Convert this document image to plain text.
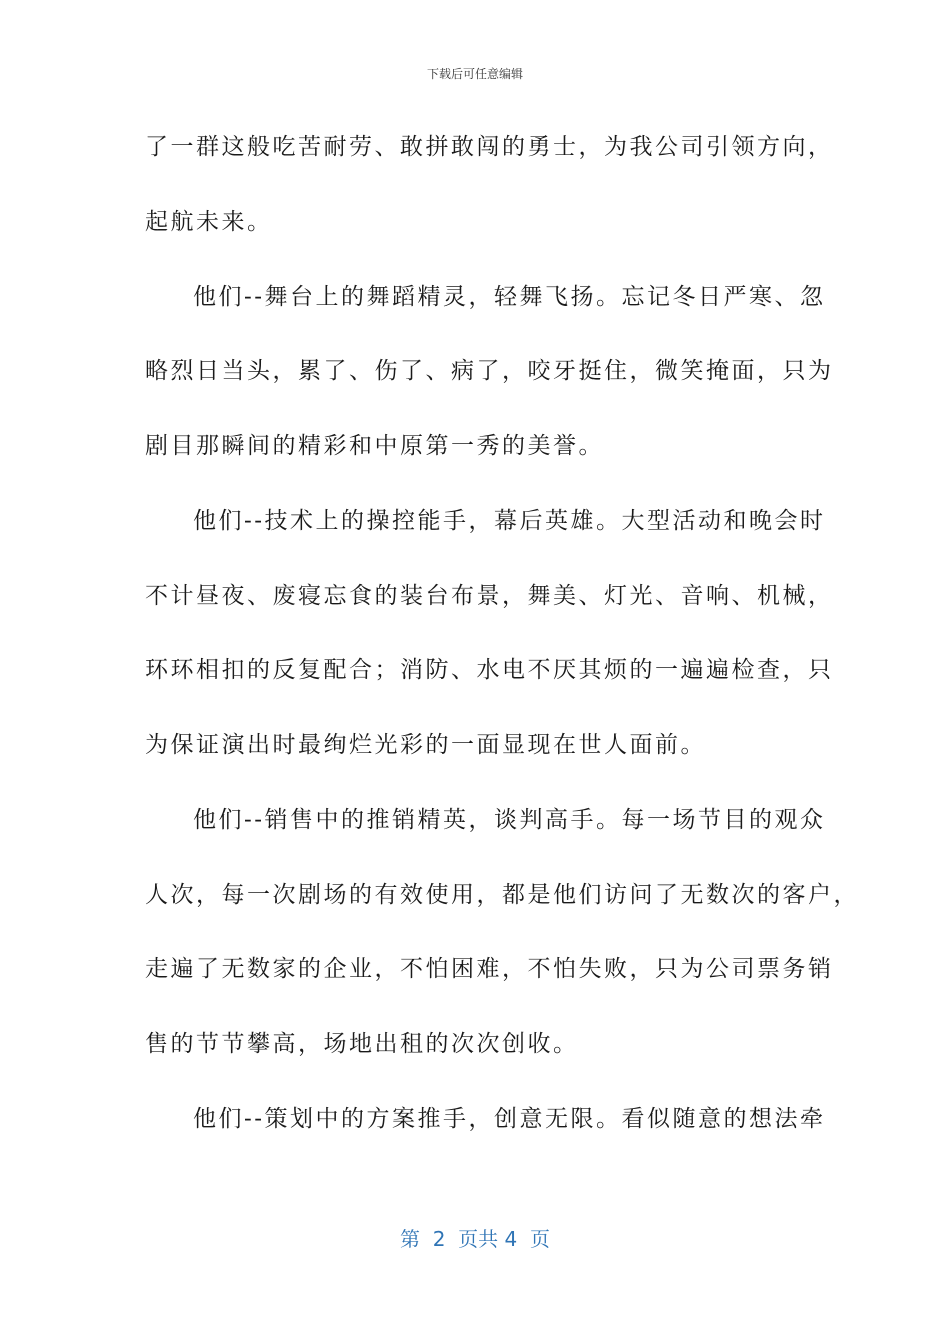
下载后可任意编辑
了一群这般吃苦耐劳、敢拼敢闯的勇士，为我公司引领方向，
起航未来。
他们--舞台上的舞蹈精灵，轻舞飞扬。忘记冬日严寒、忽
略烈日当头，累了、伤了、病了，咬牙挺住，微笑掩面，只为
剧目那瞬间的精彩和中原第一秀的美誉。
他们--技术上的操控能手，幕后英雄。大型活动和晚会时
不计昼夜、废寝忘食的装台布景，舞美、灯光、音响、机械，
环环相扣的反复配合；消防、水电不厌其烦的一遍遍检查，只
为保证演出时最绚烂光彩的一面显现在世人面前。
他们--销售中的推销精英，谈判高手。每一场节目的观众
人次，每一次剧场的有效使用，都是他们访问了无数次的客户，
走遍了无数家的企业，不怕困难，不怕失败，只为公司票务销
售的节节攀高，场地出租的次次创收。
他们--策划中的方案推手，创意无限。看似随意的想法牵
第  2  页共 4  页
